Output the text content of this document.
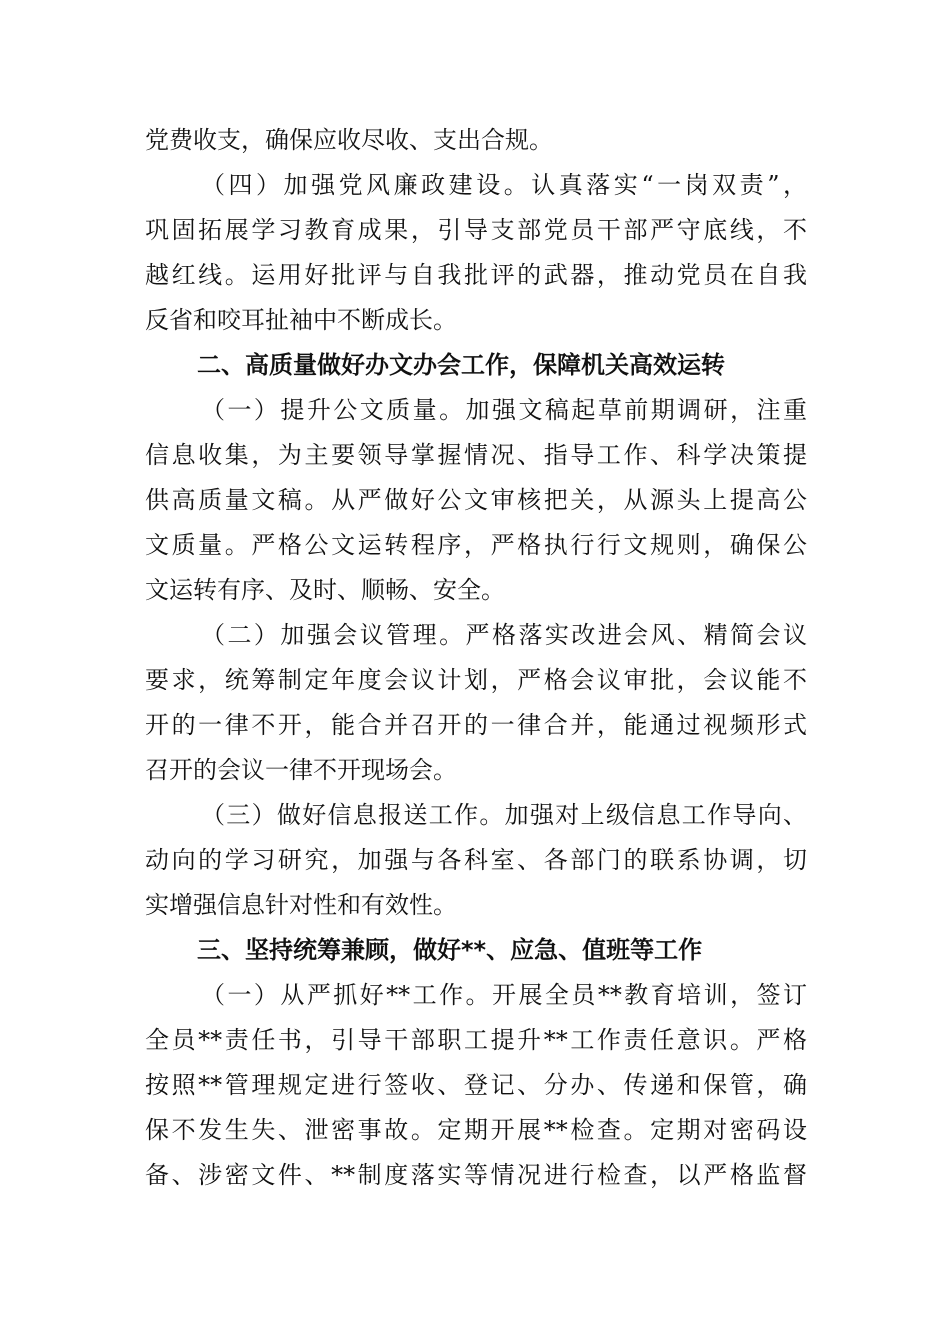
党费收支，确保应收尽收、支出合规。
（四）加强党风廉政建设。认真落实“一岗双责”，
巩固拓展学习教育成果，引导支部党员干部严守底线，不
越红线。运用好批评与自我批评的武器，推动党员在自我
反省和咬耳扯袖中不断成长。
二、高质量做好办文办会工作，保障机关高效运转
（一）提升公文质量。加强文稿起草前期调研，注重
信息收集，为主要领导掌握情况、指导工作、科学决策提
供高质量文稿。从严做好公文审核把关，从源头上提高公
文质量。严格公文运转程序，严格执行行文规则，确保公
文运转有序、及时、顺畅、安全。
（二）加强会议管理。严格落实改进会风、精简会议
要求，统筹制定年度会议计划，严格会议审批，会议能不
开的一律不开，能合并召开的一律合并，能通过视频形式
召开的会议一律不开现场会。
（三）做好信息报送工作。加强对上级信息工作导向、
动向的学习研究，加强与各科室、各部门的联系协调，切
实增强信息针对性和有效性。
三、坚持统筹兼顾，做好**、应急、值班等工作
（一）从严抓好**工作。开展全员**教育培训，签订
全员**责任书，引导干部职工提升**工作责任意识。严格
按照**管理规定进行签收、登记、分办、传递和保管，确
保不发生失、泄密事故。定期开展**检查。定期对密码设
备、涉密文件、**制度落实等情况进行检查，以严格监督
